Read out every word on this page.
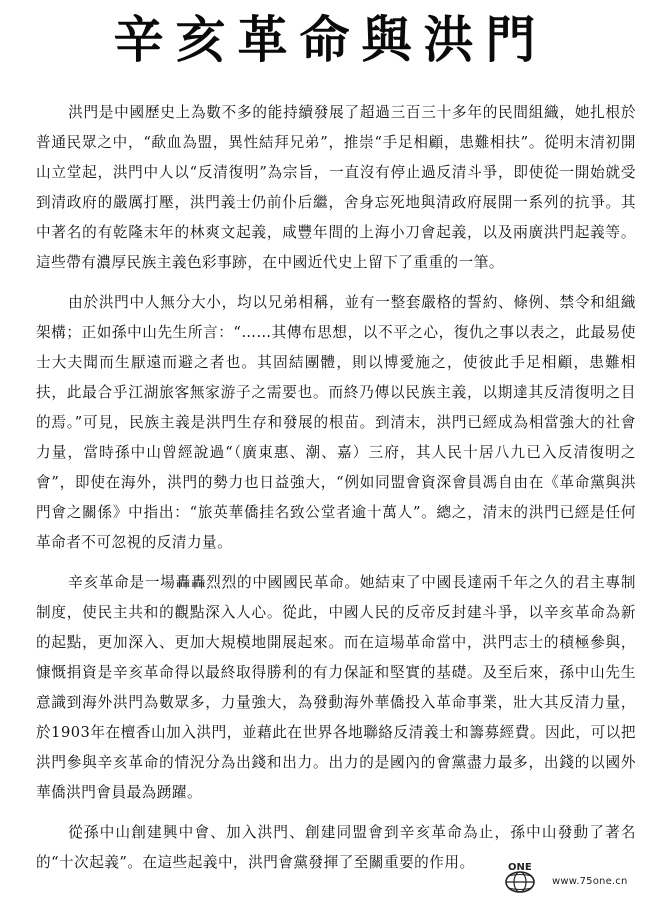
辛亥革命與洪門

洪門是中國歷史上為數不多的能持續發展了超過三百三十多年的民間組織，她扎根於普通民眾之中，“歃血為盟，異性結拜兄弟”，推崇“手足相顧，患難相扶”。從明末清初開山立堂起，洪門中人以“反清復明”為宗旨，一直沒有停止過反清斗爭，即使從一開始就受到清政府的嚴厲打壓，洪門義士仍前仆后繼，舍身忘死地與清政府展開一系列的抗爭。其中著名的有乾隆末年的林爽文起義，咸豐年間的上海小刀會起義，以及兩廣洪門起義等。這些帶有濃厚民族主義色彩事跡，在中國近代史上留下了重重的一筆。

由於洪門中人無分大小，均以兄弟相稱，並有一整套嚴格的誓約、條例、禁令和組織架構；正如孫中山先生所言：“……其傳布思想，以不平之心，復仇之事以表之，此最易使士大夫聞而生厭遠而避之者也。其固結團體，則以博愛施之，使彼此手足相顧，患難相扶，此最合乎江湖旅客無家游子之需要也。而終乃傳以民族主義，以期達其反清復明之目的焉。”可見，民族主義是洪門生存和發展的根苗。到清末，洪門已經成為相當強大的社會力量，當時孫中山曾經說過“（廣東惠、潮、嘉）三府，其人民十居八九已入反清復明之會”，即使在海外，洪門的勢力也日益強大，“例如同盟會資深會員馮自由在《革命黨與洪門會之關係》中指出：“旅英華僑挂名致公堂者逾十萬人”。總之，清末的洪門已經是任何革命者不可忽視的反清力量。

辛亥革命是一場轟轟烈烈的中國國民革命。她結束了中國長達兩千年之久的君主專制制度，使民主共和的觀點深入人心。從此，中國人民的反帝反封建斗爭，以辛亥革命為新的起點，更加深入、更加大規模地開展起來。而在這場革命當中，洪門志士的積極參與，慷慨捐資是辛亥革命得以最終取得勝利的有力保証和堅實的基礎。及至后來，孫中山先生意識到海外洪門為數眾多，力量強大，為發動海外華僑投入革命事業，壯大其反清力量，於1903年在檀香山加入洪門，並藉此在世界各地聯絡反清義士和籌募經費。因此，可以把洪門參與辛亥革命的情況分為出錢和出力。出力的是國內的會黨盡力最多，出錢的以國外華僑洪門會員最為踴躍。

從孫中山創建興中會、加入洪門、創建同盟會到辛亥革命為止，孫中山發動了著名的“十次起義”。在這些起義中，洪門會黨發揮了至關重要的作用。	ONE
www.75one.cn
